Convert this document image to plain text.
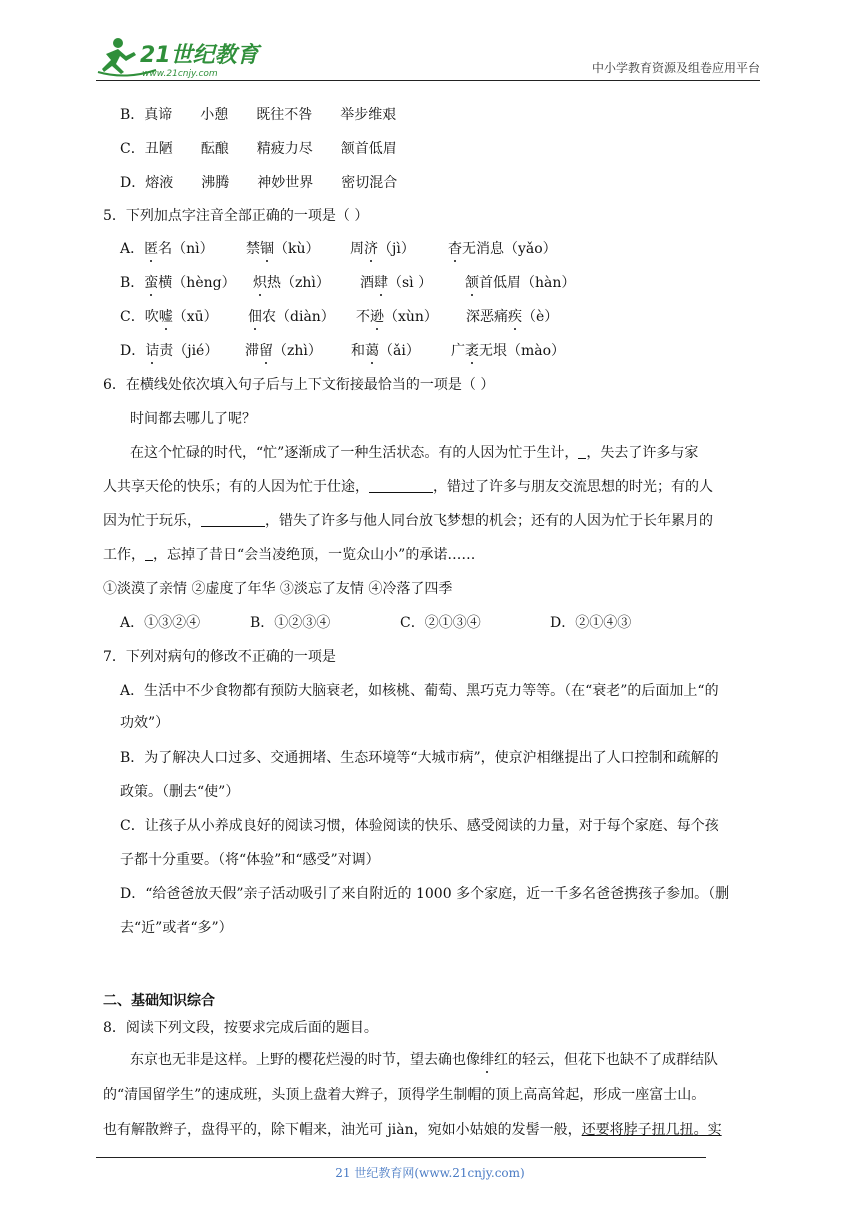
21世纪教育
www.21cnjy.com	中小学教育资源及组卷应用平台
B．真谛 小憩 既往不咎 举步维艰
C．丑陋 酝酿 精疲力尽 颔首低眉
D．熔液 沸腾 神妙世界 密切混合
5．下列加点字注音全部正确的一项是（ ）
A．匿名（nì） 禁锢（kù） 周济（jì） 杳无消息（yǎo）
B．蛮横（hèng） 炽热（zhì） 酒肆（sì ） 颔首低眉（hàn）
C．吹嘘（xū） 佃农（diàn） 不逊（xùn） 深恶痛疾（è）
D．诘责（jié） 滞留（zhì） 和蔼（ǎi） 广袤无垠（mào）
6．在横线处依次填入句子后与上下文衔接最恰当的一项是（ ）
时间都去哪儿了呢？
在这个忙碌的时代，“忙”逐渐成了一种生活状态。有的人因为忙于生计， ，失去了许多与家
人共享天伦的快乐；有的人因为忙于仕途，	，错过了许多与朋友交流思想的时光；有的人
因为忙于玩乐，	，错失了许多与他人同台放飞梦想的机会；还有的人因为忙于长年累月的
工作， ，忘掉了昔日“会当凌绝顶，一览众山小”的承诺……
①淡漠了亲情 ②虚度了年华 ③淡忘了友情 ④冷落了四季
A．①③②④	B．①②③④	C．②①③④	D．②①④③
7．下列对病句的修改不正确的一项是
A．生活中不少食物都有预防大脑衰老，如核桃、葡萄、黑巧克力等等。（在“衰老”的后面加上“的
功效”）
B．为了解决人口过多、交通拥堵、生态环境等“大城市病”，使京沪相继提出了人口控制和疏解的
政策。（删去“使”）
C．让孩子从小养成良好的阅读习惯，体验阅读的快乐、感受阅读的力量，对于每个家庭、每个孩
子都十分重要。（将“体验”和“感受”对调）
D．“给爸爸放天假”亲子活动吸引了来自附近的 1000 多个家庭，近一千多名爸爸携孩子参加。（删
去“近”或者“多”）
二、基础知识综合
8．阅读下列文段，按要求完成后面的题目。
东京也无非是这样。上野的樱花烂漫的时节，望去确也像绯红的轻云，但花下也缺不了成群结队
的“清国留学生”的速成班，头顶上盘着大辫子，顶得学生制帽的顶上高高耸起，形成一座富士山。
也有解散辫子，盘得平的，除下帽来，油光可 jiàn，宛如小姑娘的发髻一般，还要将脖子扭几扭。实
21 世纪教育网(www.21cnjy.com)
